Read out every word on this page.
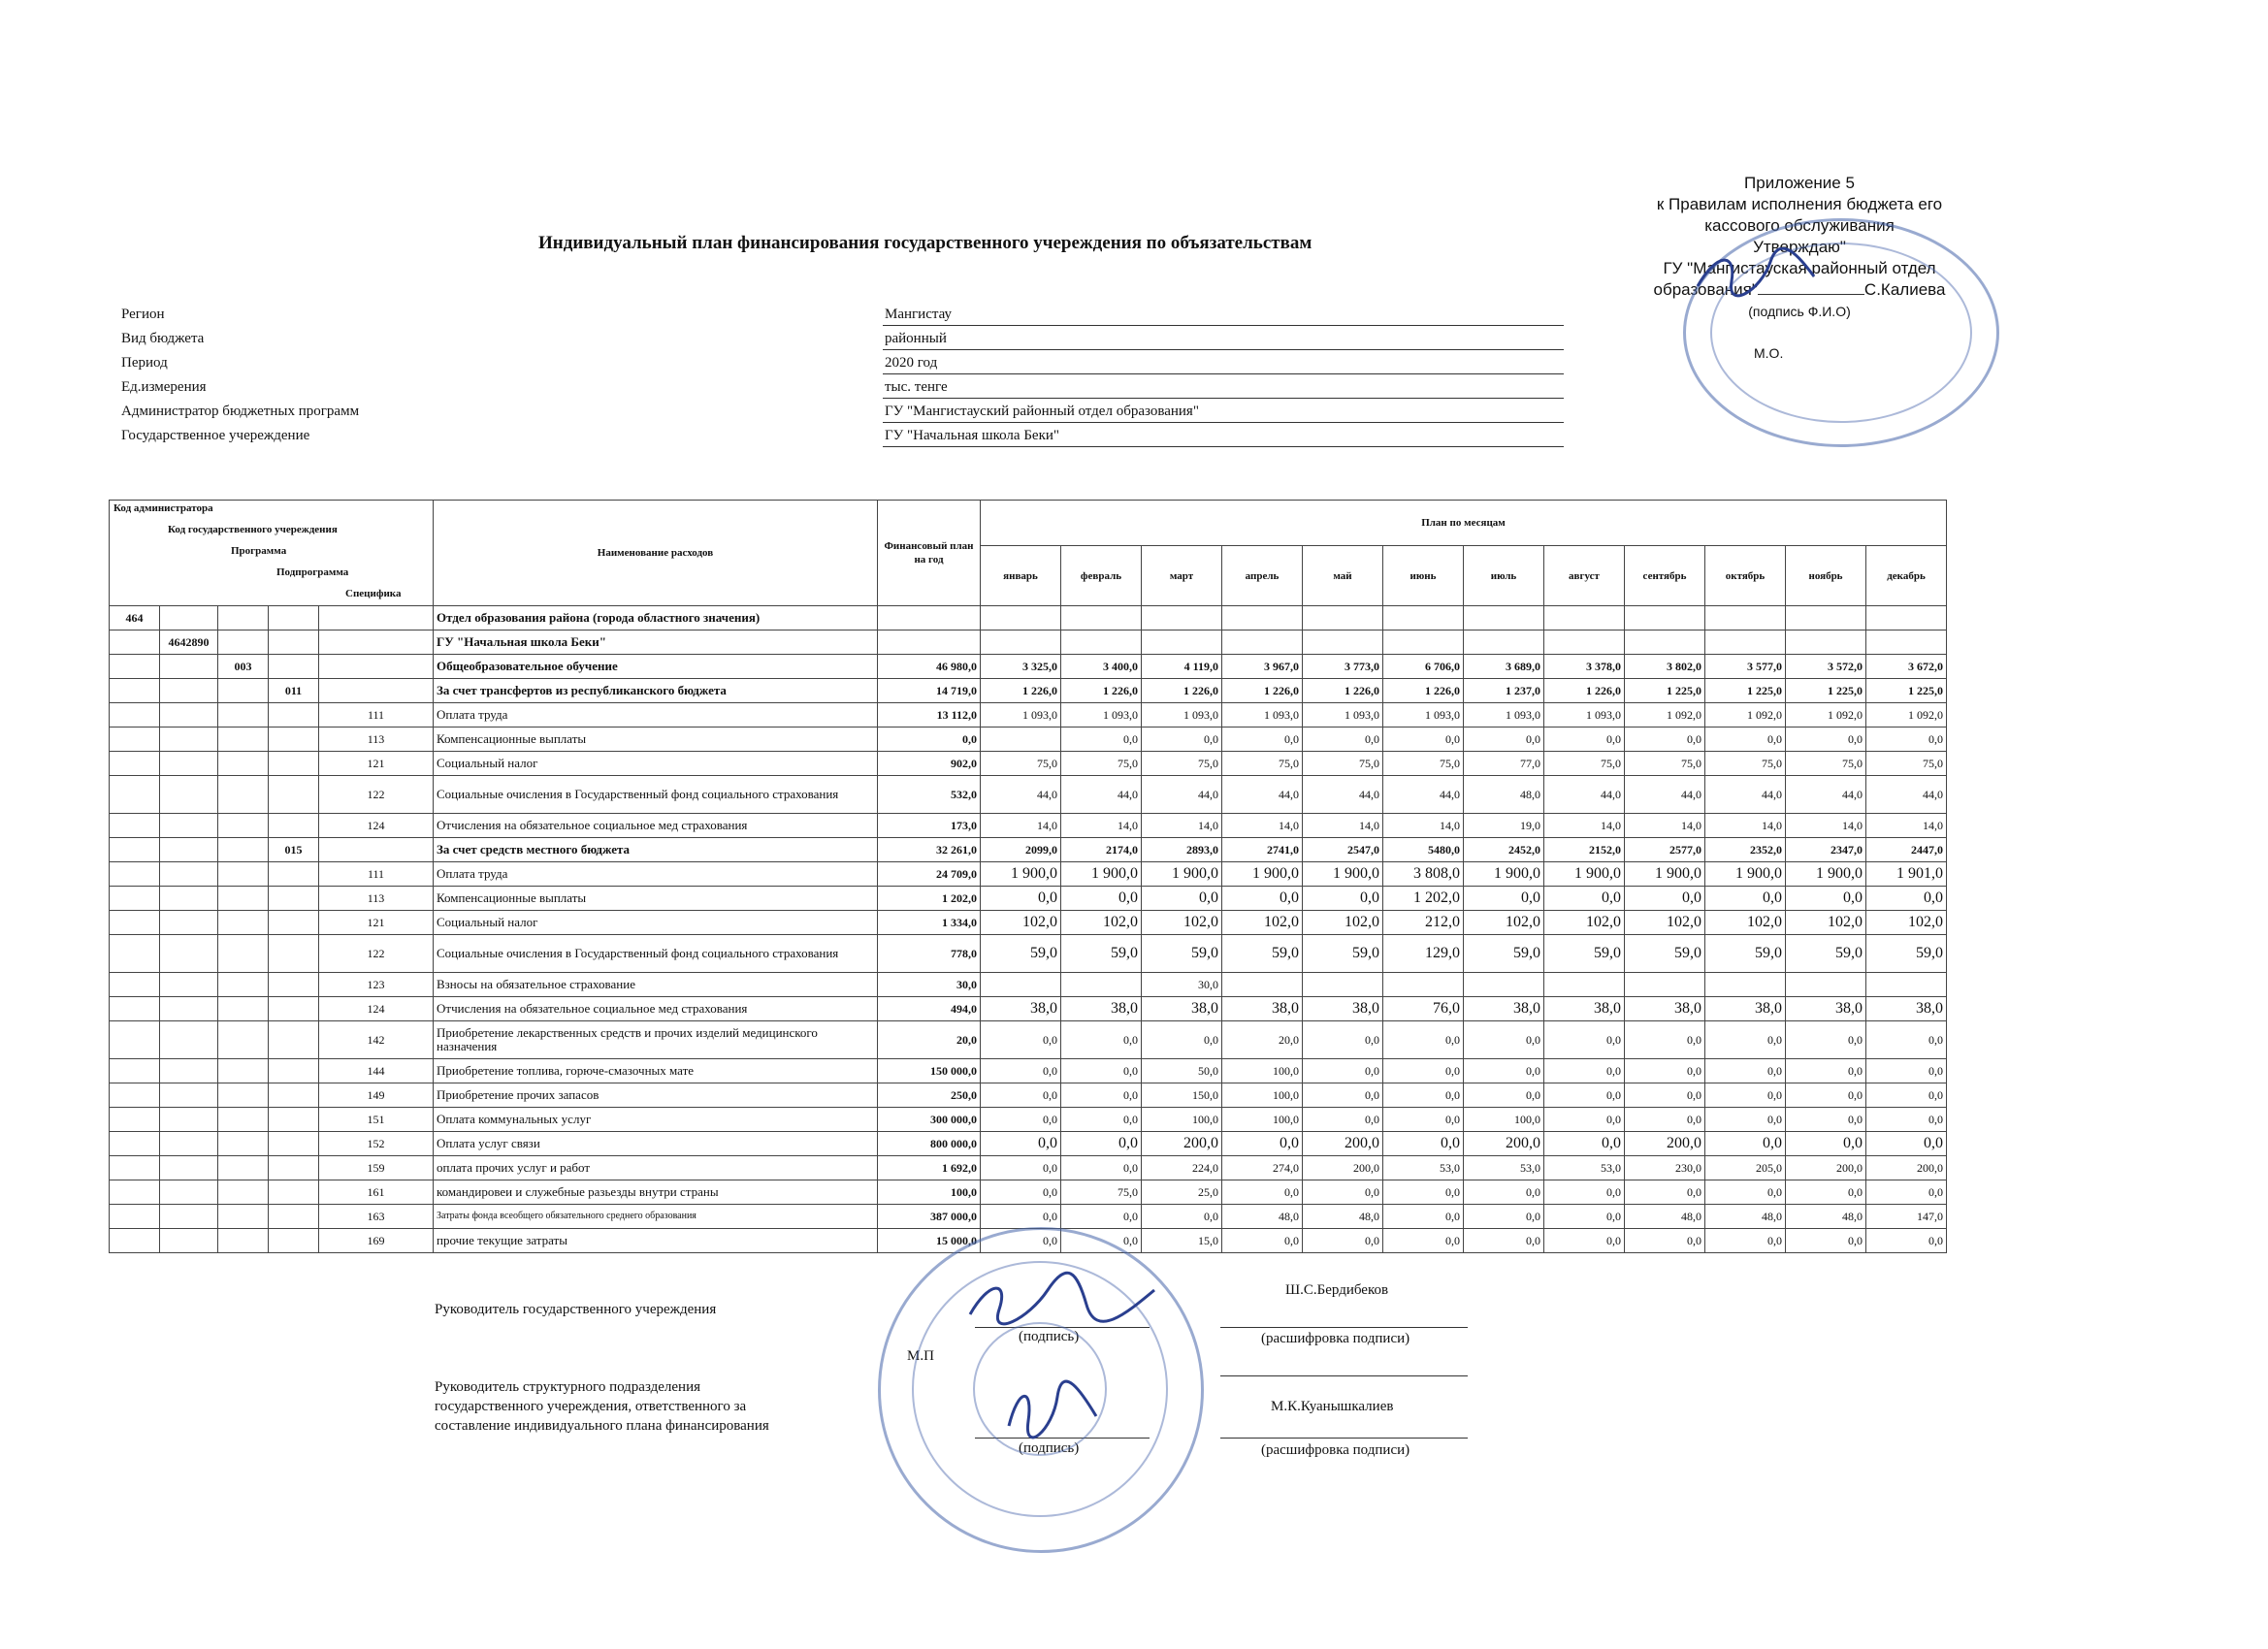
Приложение 5
к Правилам исполнения бюджета его
кассового обслуживания
Утверждаю"
ГУ "Мангистауская районный отдел
образования"	С.Калиева
(подпись Ф.И.О)
М.О.
Индивидуальный план финансирования государственного учереждения по объязательствам
Регион	Мангистау
Вид бюджета	районный
Период	2020 год
Ед.измерения	тыс. тенге
Администратор бюджетных программ	ГУ "Мангистауский районный отдел образования"
Государственное учереждение	ГУ "Начальная школа Беки"
Код администратора
Код государственного учереждения
Программа
Подпрограмма
Специфика					Наименование расходов	Финансовый план на год	План по месяцам											
							январь	февраль	март	апрель	май	июнь	июль	август	сентябрь	октябрь	ноябрь	декабрь
464					Отдел образования района (города областного значения)													
	4642890				ГУ "Начальная школа Беки"													
		003			Общеобразовательное обучение	46 980,0	3 325,0	3 400,0	4 119,0	3 967,0	3 773,0	6 706,0	3 689,0	3 378,0	3 802,0	3 577,0	3 572,0	3 672,0
			011		За счет трансфертов из республиканского бюджета	14 719,0	1 226,0	1 226,0	1 226,0	1 226,0	1 226,0	1 226,0	1 237,0	1 226,0	1 225,0	1 225,0	1 225,0	1 225,0
				111	Оплата труда	13 112,0	1 093,0	1 093,0	1 093,0	1 093,0	1 093,0	1 093,0	1 093,0	1 093,0	1 092,0	1 092,0	1 092,0	1 092,0
				113	Компенсационные выплаты	0,0		0,0	0,0	0,0	0,0	0,0	0,0	0,0	0,0	0,0	0,0	0,0
				121	Социальный налог	902,0	75,0	75,0	75,0	75,0	75,0	75,0	77,0	75,0	75,0	75,0	75,0	75,0
				122	Социальные очисления в Государственный фонд социального страхования	532,0	44,0	44,0	44,0	44,0	44,0	44,0	48,0	44,0	44,0	44,0	44,0	44,0
				124	Отчисления на обязательное социальное мед страхования	173,0	14,0	14,0	14,0	14,0	14,0	14,0	19,0	14,0	14,0	14,0	14,0	14,0
			015		За счет средств местного бюджета	32 261,0	2099,0	2174,0	2893,0	2741,0	2547,0	5480,0	2452,0	2152,0	2577,0	2352,0	2347,0	2447,0
				111	Оплата труда	24 709,0	1 900,0	1 900,0	1 900,0	1 900,0	1 900,0	3 808,0	1 900,0	1 900,0	1 900,0	1 900,0	1 900,0	1 901,0
				113	Компенсационные выплаты	1 202,0	0,0	0,0	0,0	0,0	0,0	1 202,0	0,0	0,0	0,0	0,0	0,0	0,0
				121	Социальный налог	1 334,0	102,0	102,0	102,0	102,0	102,0	212,0	102,0	102,0	102,0	102,0	102,0	102,0
				122	Социальные очисления в Государственный фонд социального страхования	778,0	59,0	59,0	59,0	59,0	59,0	129,0	59,0	59,0	59,0	59,0	59,0	59,0
				123	Взносы на обязательное страхование	30,0			30,0									
				124	Отчисления на обязательное социальное мед страхования	494,0	38,0	38,0	38,0	38,0	38,0	76,0	38,0	38,0	38,0	38,0	38,0	38,0
				142	Приобретение лекарственных средств и прочих изделий медицинского назначения	20,0	0,0	0,0	0,0	20,0	0,0	0,0	0,0	0,0	0,0	0,0	0,0	0,0
				144	Приобретение топлива, горюче-смазочных мате	150 000,0	0,0	0,0	50,0	100,0	0,0	0,0	0,0	0,0	0,0	0,0	0,0	0,0
				149	Приобретение прочих запасов	250,0	0,0	0,0	150,0	100,0	0,0	0,0	0,0	0,0	0,0	0,0	0,0	0,0
				151	Оплата коммунальных услуг	300 000,0	0,0	0,0	100,0	100,0	0,0	0,0	100,0	0,0	0,0	0,0	0,0	0,0
				152	Оплата услуг связи	800 000,0	0,0	0,0	200,0	0,0	200,0	0,0	200,0	0,0	200,0	0,0	0,0	0,0
				159	оплата прочих услуг и работ	1 692,0	0,0	0,0	224,0	274,0	200,0	53,0	53,0	53,0	230,0	205,0	200,0	200,0
				161	командировеи и служебные разьезды внутри страны	100,0	0,0	75,0	25,0	0,0	0,0	0,0	0,0	0,0	0,0	0,0	0,0	0,0
				163	Затраты фонда всеобщего обязательного среднего образования	387 000,0	0,0	0,0	0,0	48,0	48,0	0,0	0,0	0,0	48,0	48,0	48,0	147,0
				169	прочие текущие затраты	15 000,0	0,0	0,0	15,0	0,0	0,0	0,0	0,0	0,0	0,0	0,0	0,0	0,0
Руководитель государственного учереждения
(подпись)
Ш.С.Бердибеков
(расшифровка подписи)
М.П
Руководитель структурного подразделения
государственного учереждения, ответственного за
составление индивидуального плана финансирования
М.К.Куанышкалиев
(подпись)	(расшифровка подписи)
